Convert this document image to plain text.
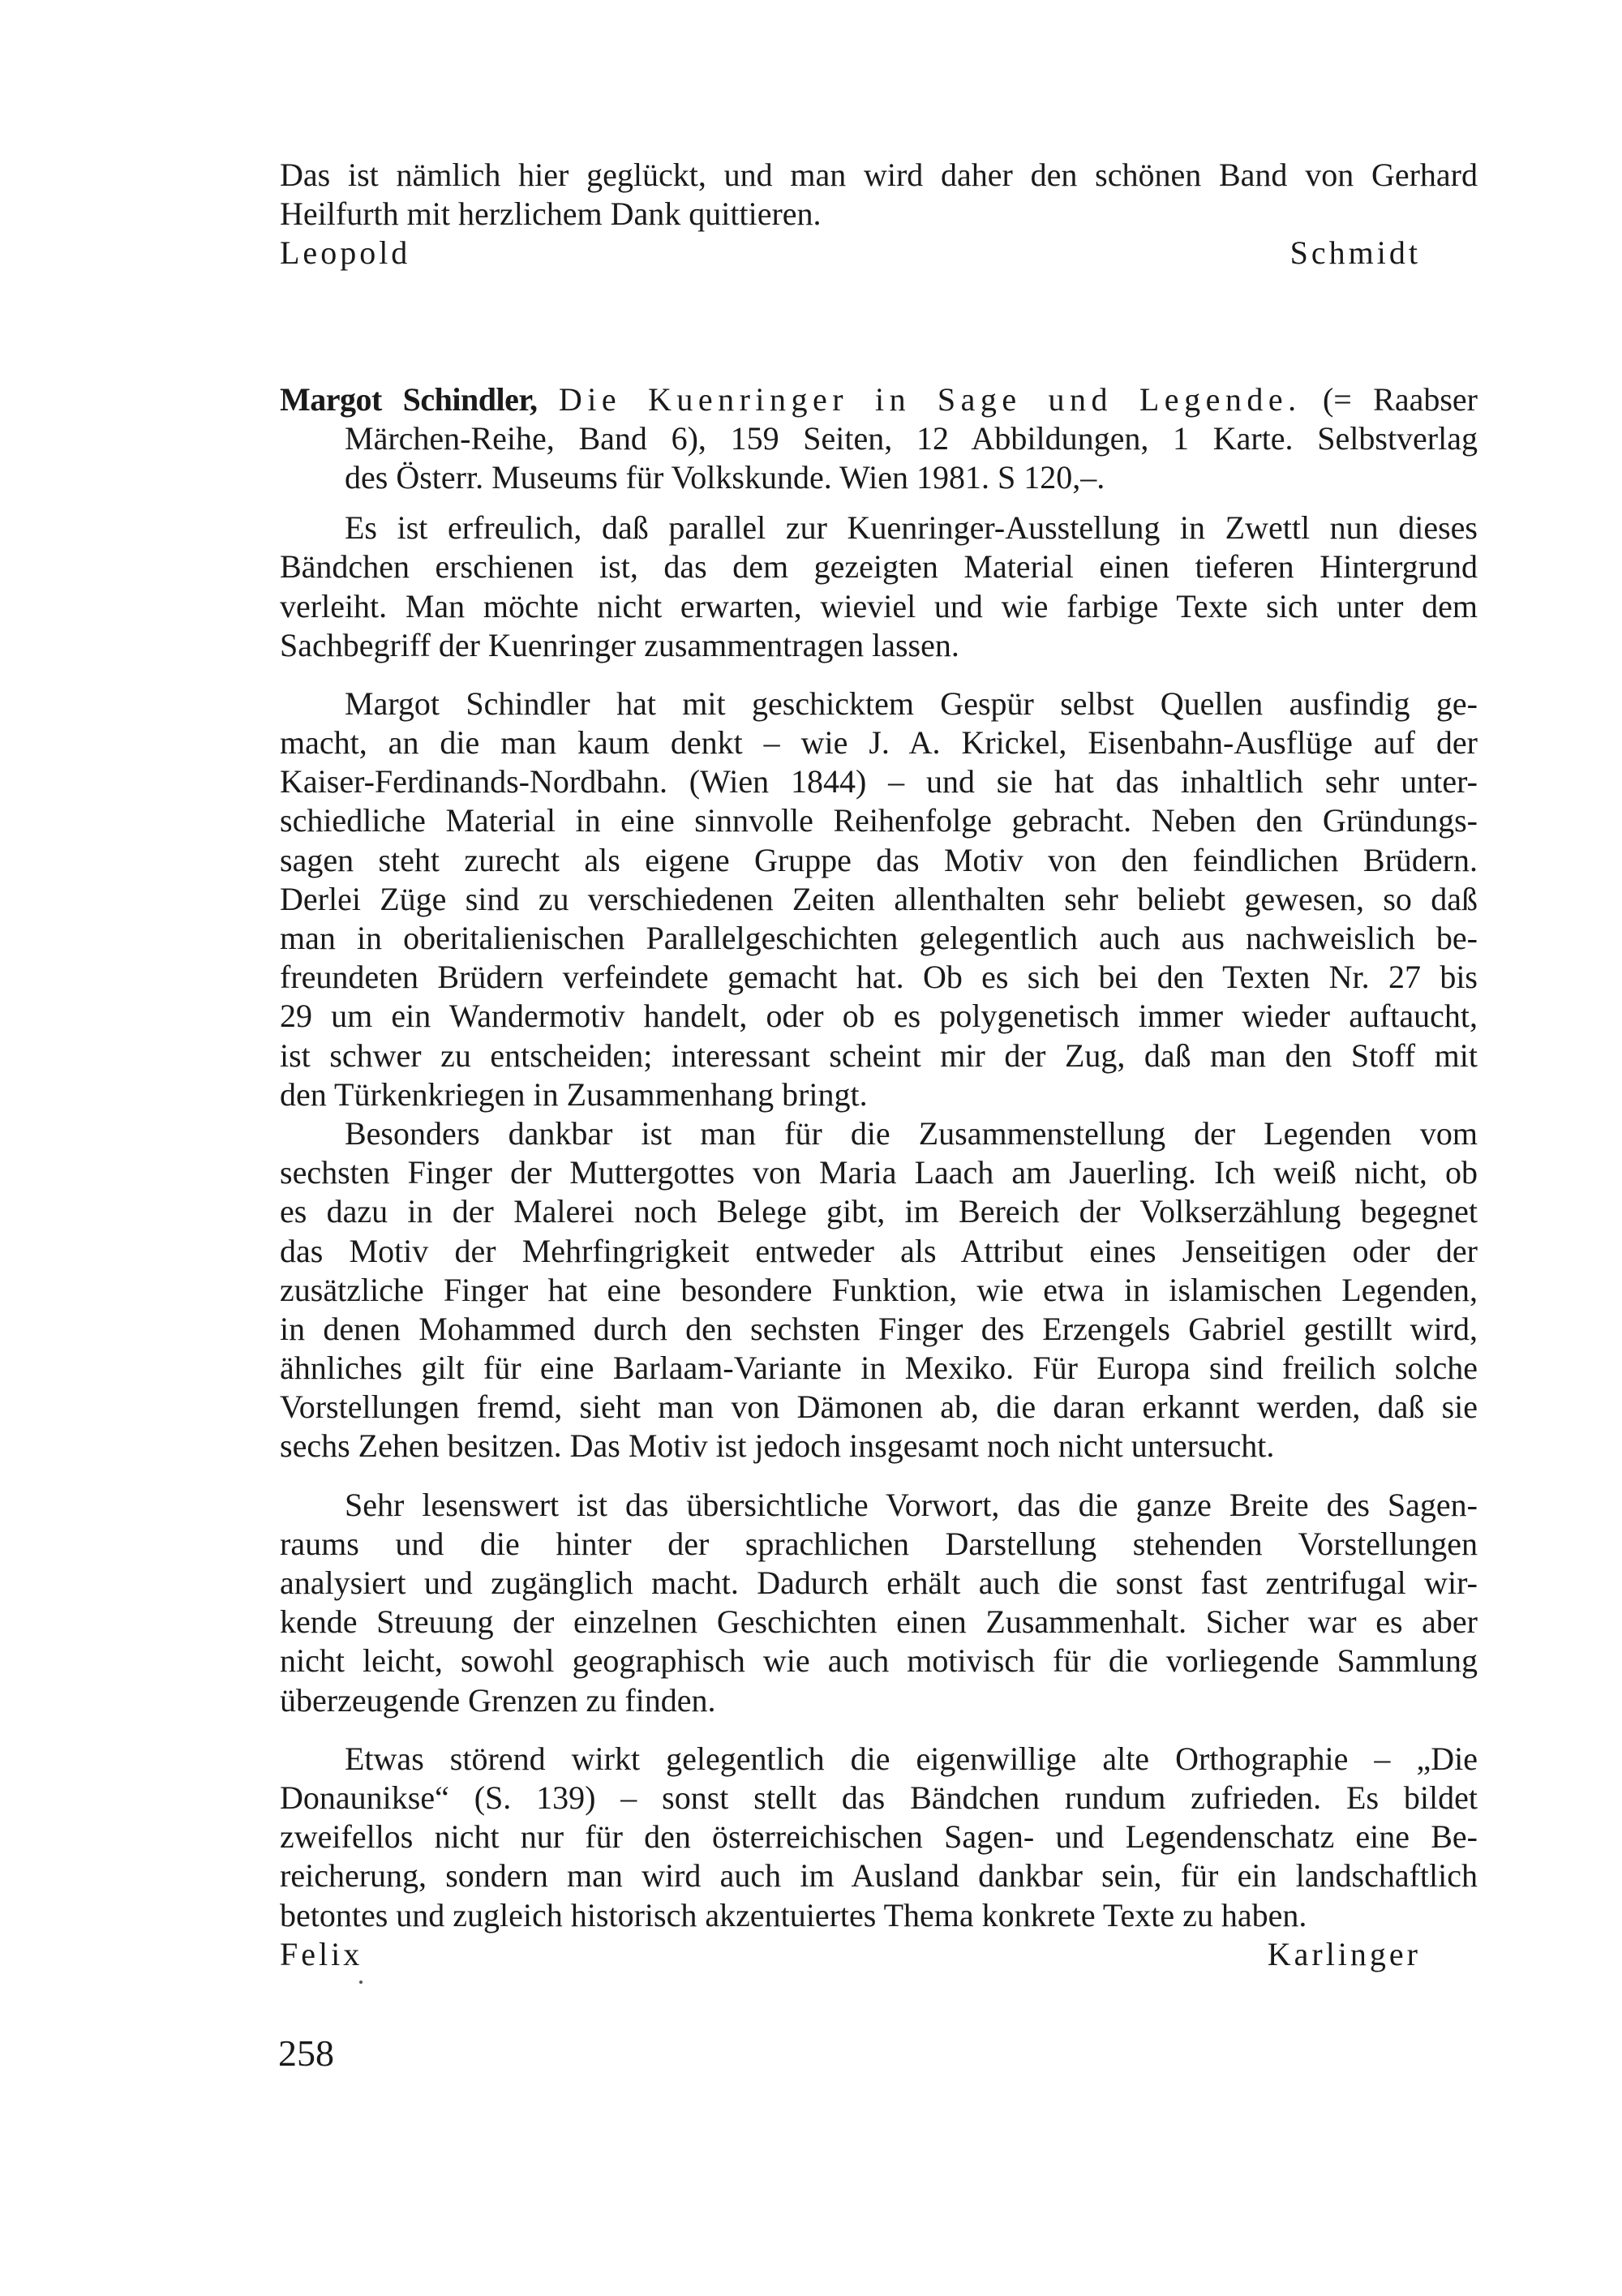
Das ist nämlich hier geglückt, und man wird daher den schönen Band von Gerhard
Heilfurth mit herzlichem Dank quittieren.
Leopold Schmidt
Margot Schindler, Die Kuenringer in Sage und Legende. (= Raabser
Märchen-Reihe, Band 6), 159 Seiten, 12 Abbildungen, 1 Karte. Selbstverlag
des Österr. Museums für Volkskunde. Wien 1981. S 120,–.
Es ist erfreulich, daß parallel zur Kuenringer-Ausstellung in Zwettl nun dieses
Bändchen erschienen ist, das dem gezeigten Material einen tieferen Hintergrund
verleiht. Man möchte nicht erwarten, wieviel und wie farbige Texte sich unter dem
Sachbegriff der Kuenringer zusammentragen lassen.
Margot Schindler hat mit geschicktem Gespür selbst Quellen ausfindig ge-
macht, an die man kaum denkt – wie J. A. Krickel, Eisenbahn-Ausflüge auf der
Kaiser-Ferdinands-Nordbahn. (Wien 1844) – und sie hat das inhaltlich sehr unter-
schiedliche Material in eine sinnvolle Reihenfolge gebracht. Neben den Gründungs-
sagen steht zurecht als eigene Gruppe das Motiv von den feindlichen Brüdern.
Derlei Züge sind zu verschiedenen Zeiten allenthalten sehr beliebt gewesen, so daß
man in oberitalienischen Parallelgeschichten gelegentlich auch aus nachweislich be-
freundeten Brüdern verfeindete gemacht hat. Ob es sich bei den Texten Nr. 27 bis
29 um ein Wandermotiv handelt, oder ob es polygenetisch immer wieder auftaucht,
ist schwer zu entscheiden; interessant scheint mir der Zug, daß man den Stoff mit
den Türkenkriegen in Zusammenhang bringt.
Besonders dankbar ist man für die Zusammenstellung der Legenden vom
sechsten Finger der Muttergottes von Maria Laach am Jauerling. Ich weiß nicht, ob
es dazu in der Malerei noch Belege gibt, im Bereich der Volkserzählung begegnet
das Motiv der Mehrfingrigkeit entweder als Attribut eines Jenseitigen oder der
zusätzliche Finger hat eine besondere Funktion, wie etwa in islamischen Legenden,
in denen Mohammed durch den sechsten Finger des Erzengels Gabriel gestillt wird,
ähnliches gilt für eine Barlaam-Variante in Mexiko. Für Europa sind freilich solche
Vorstellungen fremd, sieht man von Dämonen ab, die daran erkannt werden, daß sie
sechs Zehen besitzen. Das Motiv ist jedoch insgesamt noch nicht untersucht.
Sehr lesenswert ist das übersichtliche Vorwort, das die ganze Breite des Sagen-
raums und die hinter der sprachlichen Darstellung stehenden Vorstellungen
analysiert und zugänglich macht. Dadurch erhält auch die sonst fast zentrifugal wir-
kende Streuung der einzelnen Geschichten einen Zusammenhalt. Sicher war es aber
nicht leicht, sowohl geographisch wie auch motivisch für die vorliegende Sammlung
überzeugende Grenzen zu finden.
Etwas störend wirkt gelegentlich die eigenwillige alte Orthographie – „Die
Donaunikse“ (S. 139) – sonst stellt das Bändchen rundum zufrieden. Es bildet
zweifellos nicht nur für den österreichischen Sagen- und Legendenschatz eine Be-
reicherung, sondern man wird auch im Ausland dankbar sein, für ein landschaftlich
betontes und zugleich historisch akzentuiertes Thema konkrete Texte zu haben.
Felix Karlinger
258
